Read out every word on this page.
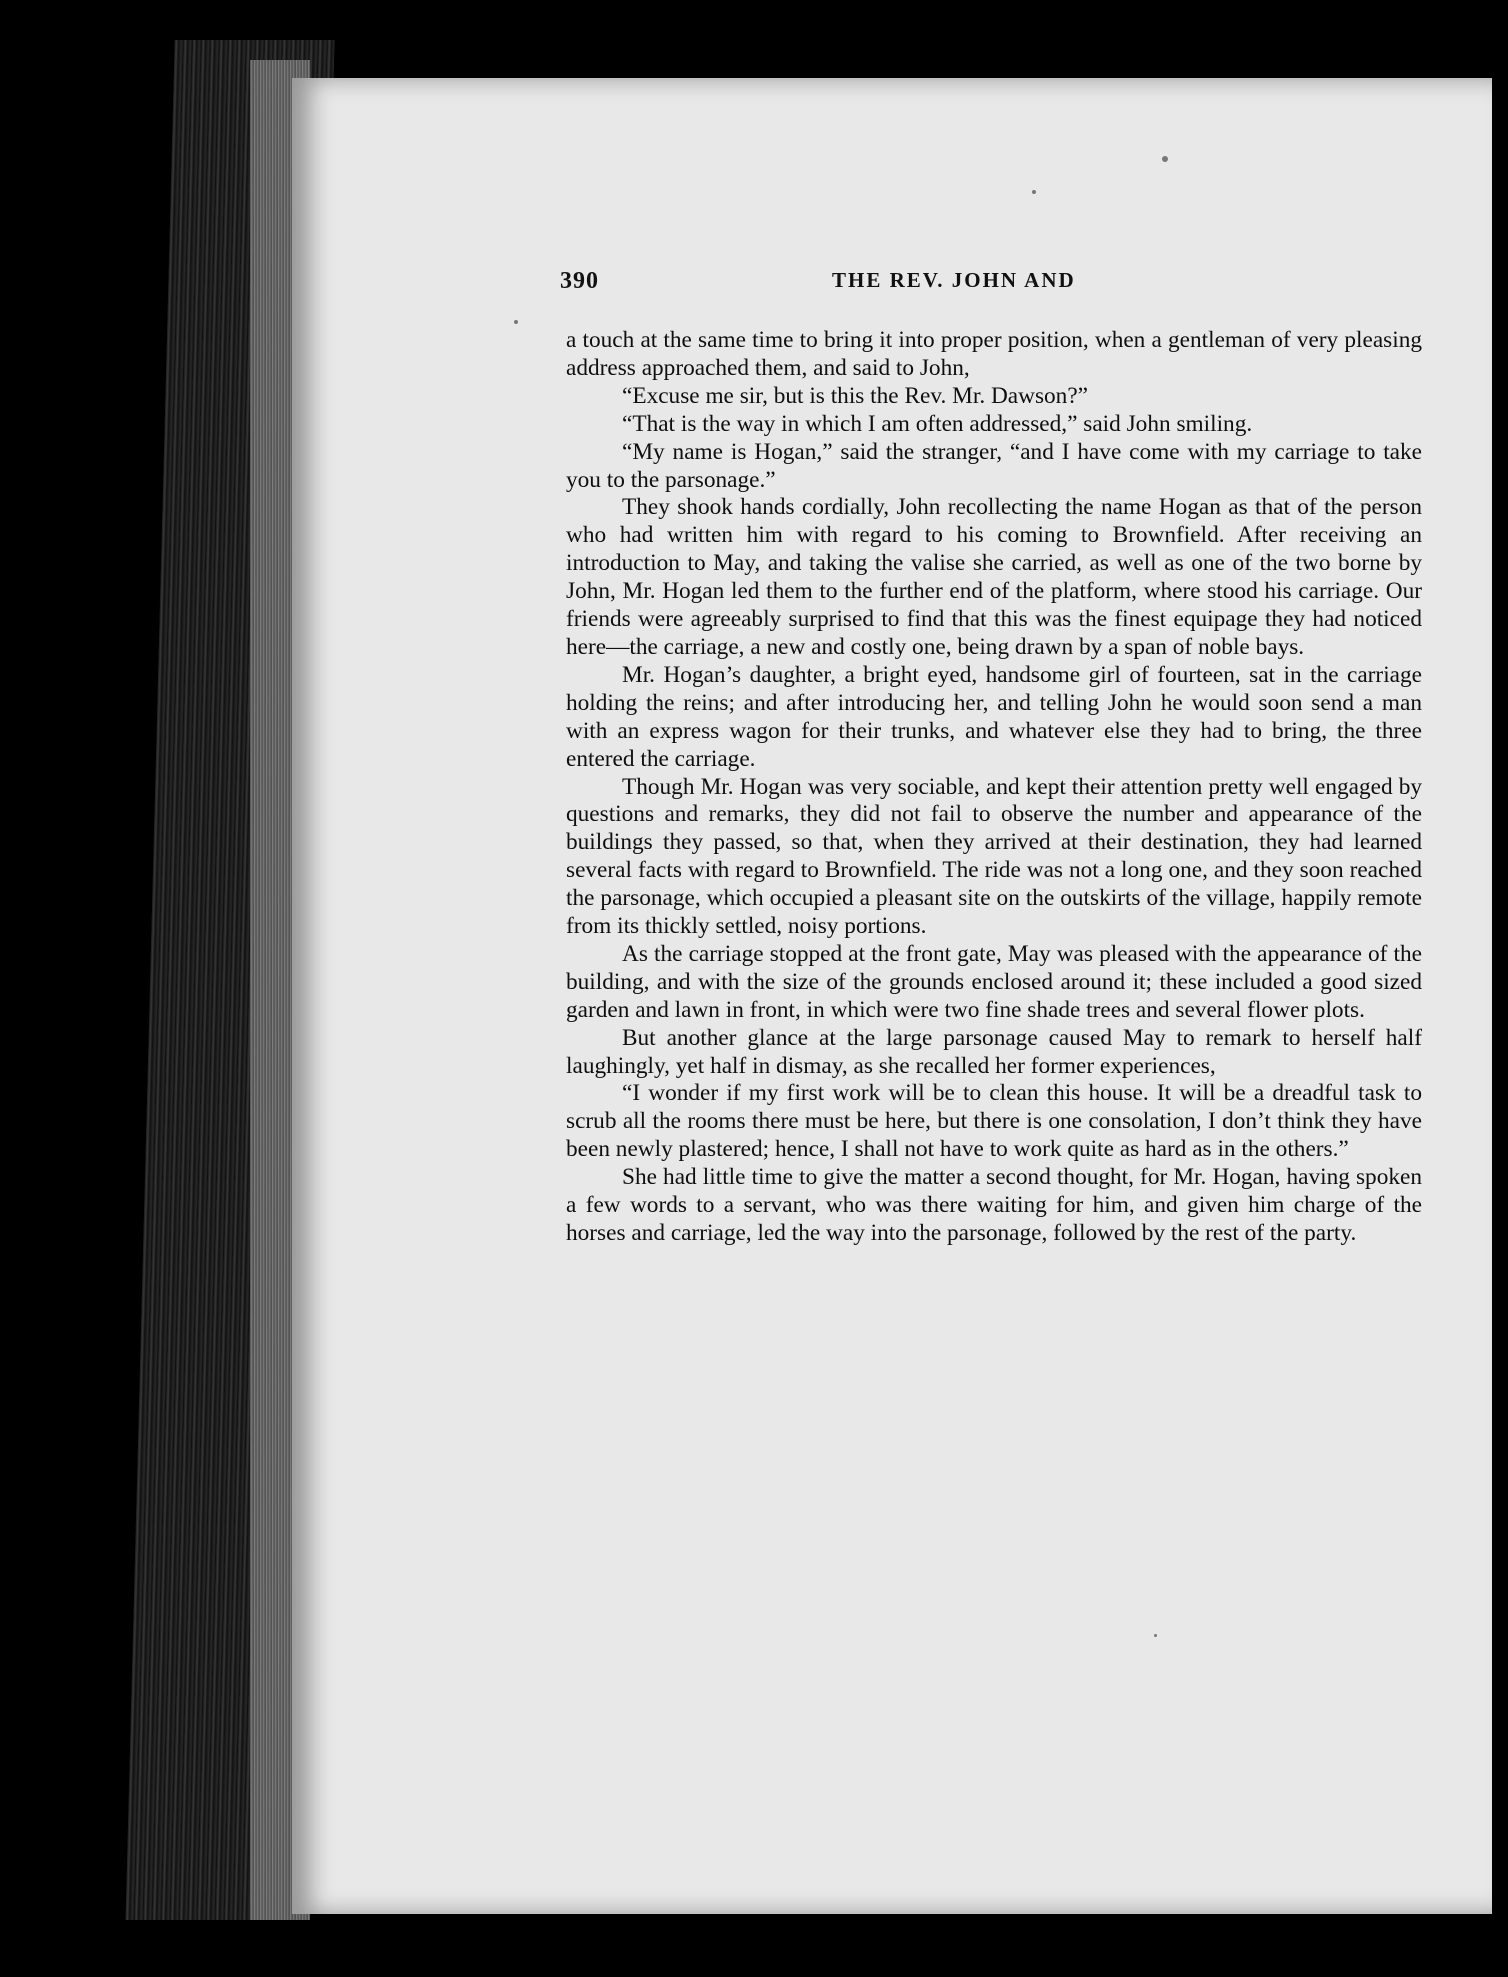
390	THE REV. JOHN AND

a touch at the same time to bring it into proper position, when a gentleman of very pleasing address approached them, and said to John,

“Excuse me sir, but is this the Rev. Mr. Dawson?”

“That is the way in which I am often addressed,” said John smiling.

“My name is Hogan,” said the stranger, “and I have come with my carriage to take you to the parsonage.”

They shook hands cordially, John recollecting the name Hogan as that of the person who had written him with regard to his coming to Brownfield. After receiving an introduction to May, and taking the valise she carried, as well as one of the two borne by John, Mr. Hogan led them to the further end of the platform, where stood his carriage. Our friends were agreeably surprised to find that this was the finest equipage they had noticed here—the carriage, a new and costly one, being drawn by a span of noble bays.

Mr. Hogan’s daughter, a bright eyed, handsome girl of fourteen, sat in the carriage holding the reins; and after introducing her, and telling John he would soon send a man with an express wagon for their trunks, and whatever else they had to bring, the three entered the carriage.

Though Mr. Hogan was very sociable, and kept their attention pretty well engaged by questions and remarks, they did not fail to observe the number and appearance of the buildings they passed, so that, when they arrived at their destination, they had learned several facts with regard to Brownfield. The ride was not a long one, and they soon reached the parsonage, which occupied a pleasant site on the outskirts of the village, happily remote from its thickly settled, noisy portions.

As the carriage stopped at the front gate, May was pleased with the appearance of the building, and with the size of the grounds enclosed around it; these included a good sized garden and lawn in front, in which were two fine shade trees and several flower plots.

But another glance at the large parsonage caused May to remark to herself half laughingly, yet half in dismay, as she recalled her former experiences,

“I wonder if my first work will be to clean this house. It will be a dreadful task to scrub all the rooms there must be here, but there is one consolation, I don’t think they have been newly plastered; hence, I shall not have to work quite as hard as in the others.”

She had little time to give the matter a second thought, for Mr. Hogan, having spoken a few words to a servant, who was there waiting for him, and given him charge of the horses and carriage, led the way into the parsonage, followed by the rest of the party.
